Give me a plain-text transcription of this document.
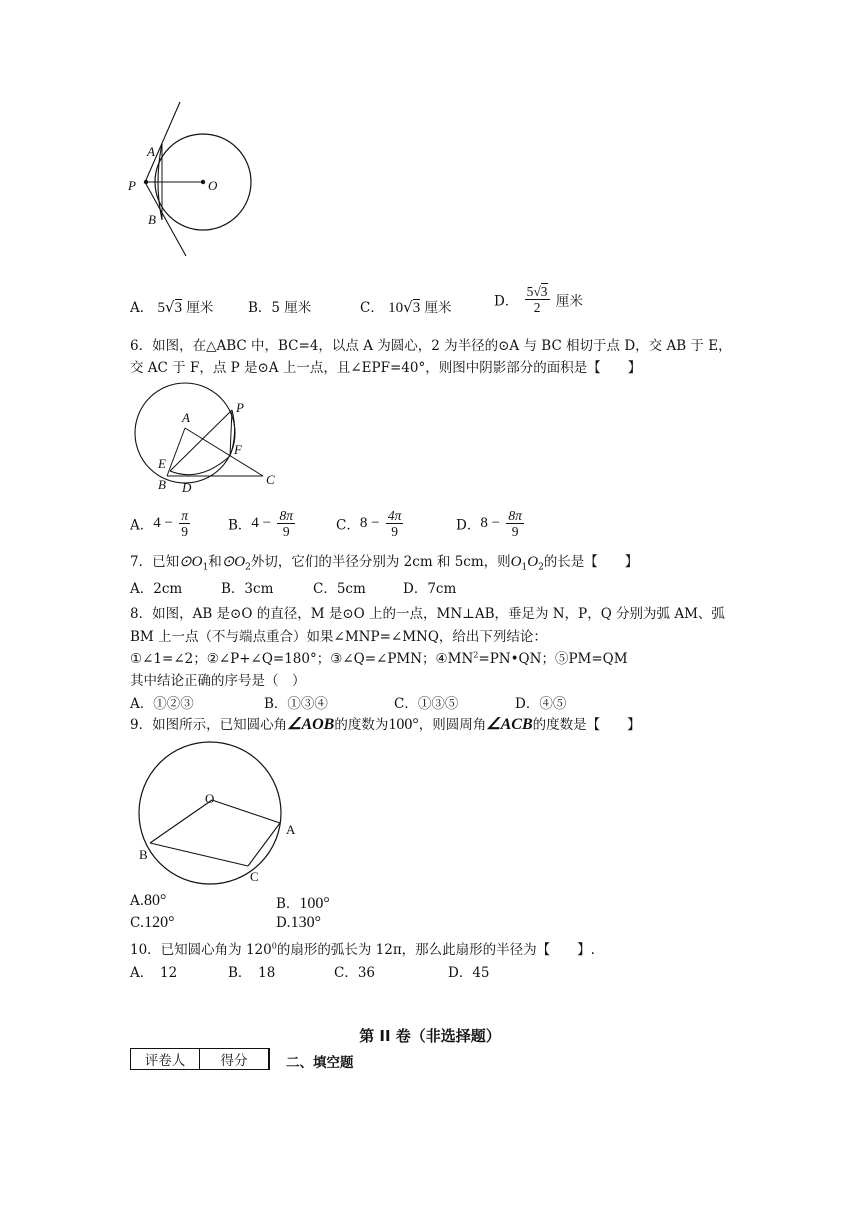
A
P	O
B
A． 5√3 厘米	B．5 厘米	C． 10√3 厘米	D． $\frac{5√3}{2}$ 厘米
6．如图，在△ABC 中，BC=4，以点 A 为圆心，2 为半径的⊙A 与 BC 相切于点 D，交 AB 于 E，
交 AC 于 F，点 P 是⊙A 上一点，且∠EPF=40°，则图中阴影部分的面积是【　　】
A
P
F
E
B D
C
A．$4 - \frac{\pi}{9}$	B．$4 - \frac{8\pi}{9}$	C．$8 - \frac{4\pi}{9}$	D．$8 - \frac{8\pi}{9}$
7．已知$⊙O_1$和$⊙O_2$外切，它们的半径分别为 2cm 和 5cm，则$O_1O_2$的长是【　　】
A．2cm	B．3cm	C．5cm	D．7cm
8．如图，AB 是⊙O 的直径，M 是⊙O 上的一点，MN⊥AB，垂足为 N，P，Q 分别为弧 AM、弧
BM 上一点（不与端点重合）如果∠MNP=∠MNQ，给出下列结论：
①∠1=∠2；②∠P+∠Q=180°；③∠Q=∠PMN；$④MN^2=PN•QN$；⑤PM=QM
其中结论正确的序号是（　）
A．①②③	B．①③④	C．①③⑤	D．④⑤
9．如图所示，已知圆心角∠AOB的度数为100°，则圆周角∠ACB的度数是【　　】
O
A
B
C
A.80°	B．100°
C.120°	D.130°
10．已知圆心角为 $120^0$的扇形的弧长为 12π，那么此扇形的半径为【　　】.
A．　12	B．　18	C．36	D．45
第 II 卷（非选择题）
评卷人	得分	二、填空题
